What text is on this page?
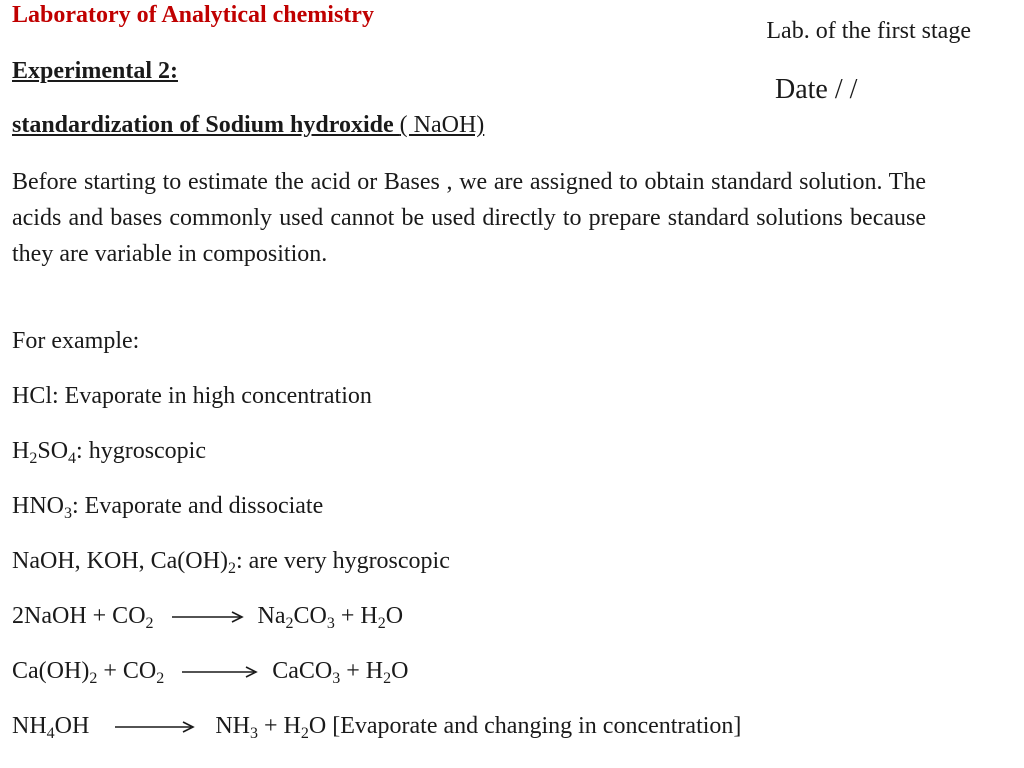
Laboratory of Analytical chemistry
Lab. of the first stage
Experimental 2:
Date / /
standardization of Sodium hydroxide ( NaOH)

Before starting to estimate the acid or Bases , we are assigned to obtain standard solution. The acids and bases commonly used cannot be used directly to prepare standard solutions because they are variable in composition.

For example:
HCl: Evaporate in high concentration
$H_2SO_4$: hygroscopic
$HNO_3$: Evaporate and dissociate
NaOH, KOH, $Ca(OH)_2$: are very hygroscopic
2NaOH + $CO_2 \to Na_2CO_3 + H_2O$
$Ca(OH)_2 + CO_2$ → CaCO$_3$ + $H_2O$
$NH_4OH \to NH_3 + H_2O$ [Evaporate and changing in concentration]
